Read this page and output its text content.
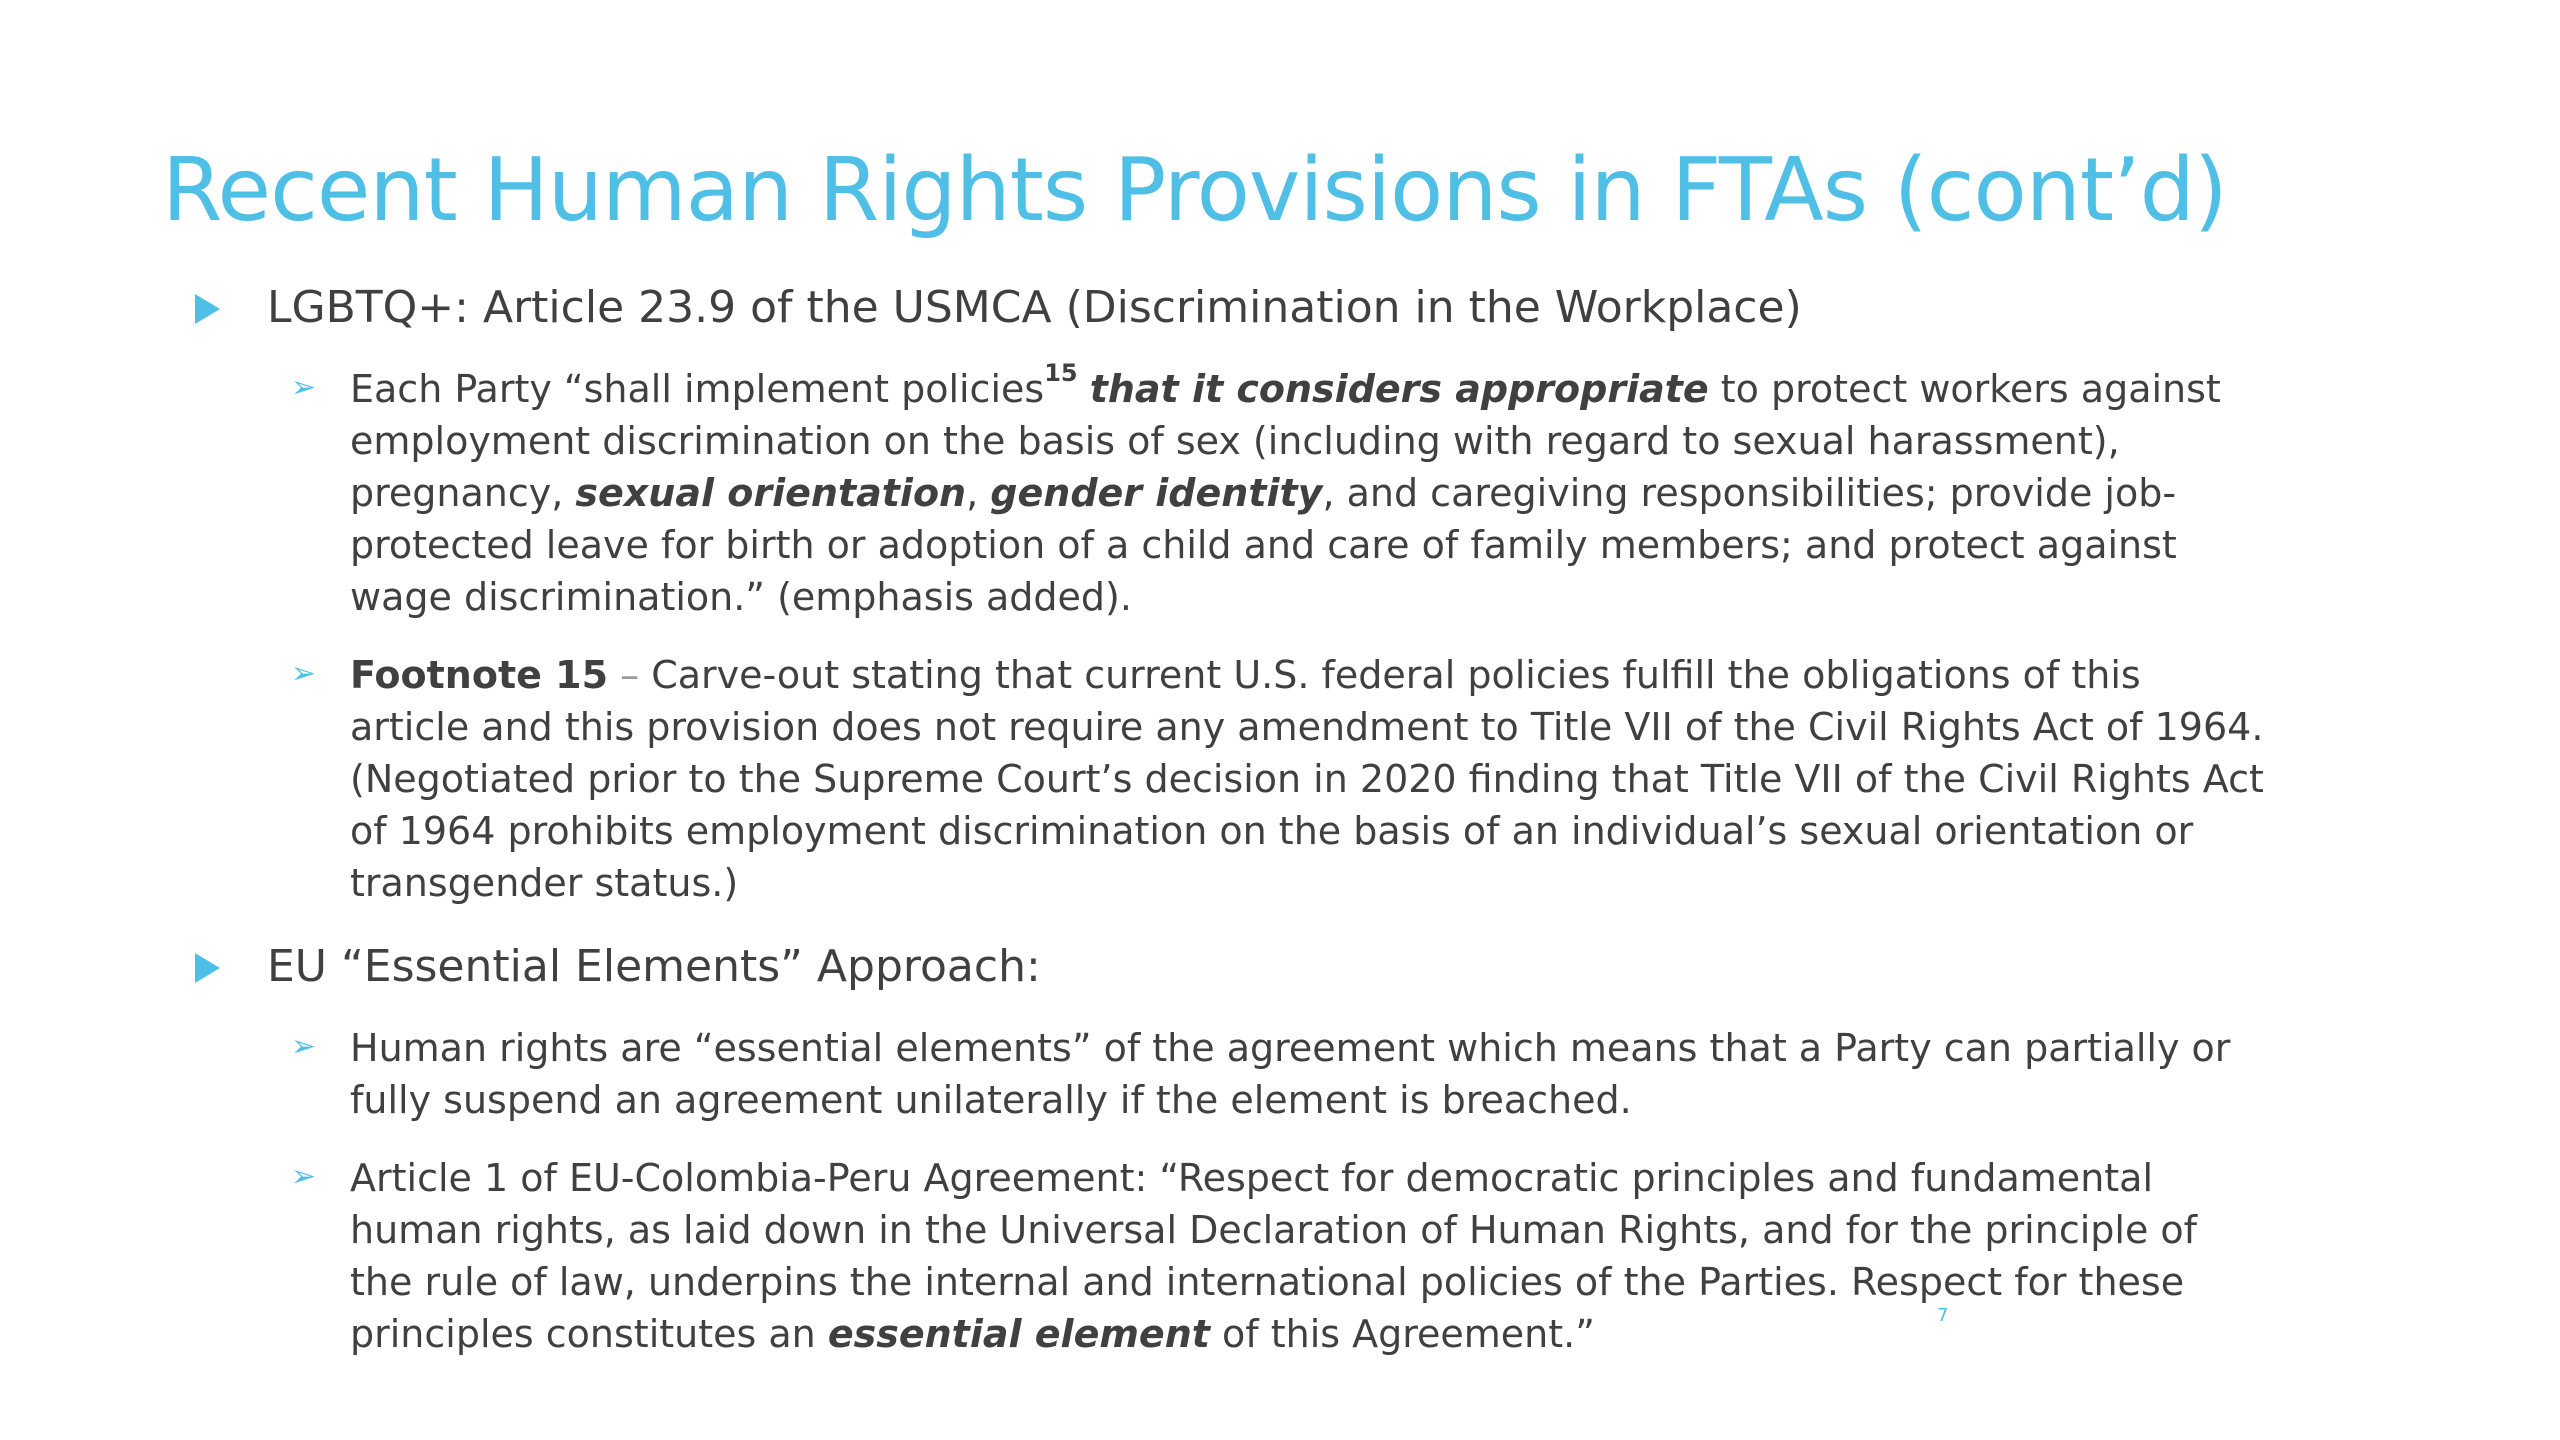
Recent Human Rights Provisions in FTAs (cont’d)
LGBTQ+: Article 23.9 of the USMCA (Discrimination in the Workplace)
➢ Each Party “shall implement policies$^{15}$ that it considers appropriate to protect workers against employment discrimination on the basis of sex (including with regard to sexual harassment), pregnancy, sexual orientation, gender identity, and caregiving responsibilities; provide job-protected leave for birth or adoption of a child and care of family members; and protect against wage discrimination.” (emphasis added).
➢ Footnote 15 – Carve-out stating that current U.S. federal policies fulfill the obligations of this article and this provision does not require any amendment to Title VII of the Civil Rights Act of 1964. (Negotiated prior to the Supreme Court’s decision in 2020 finding that Title VII of the Civil Rights Act of 1964 prohibits employment discrimination on the basis of an individual’s sexual orientation or transgender status.)
EU “Essential Elements” Approach:
➢ Human rights are “essential elements” of the agreement which means that a Party can partially or fully suspend an agreement unilaterally if the element is breached.
➢ Article 1 of EU-Colombia-Peru Agreement: “Respect for democratic principles and fundamental human rights, as laid down in the Universal Declaration of Human Rights, and for the principle of the rule of law, underpins the internal and international policies of the Parties. Respect for these principles constitutes an essential element of this Agreement.”	7
